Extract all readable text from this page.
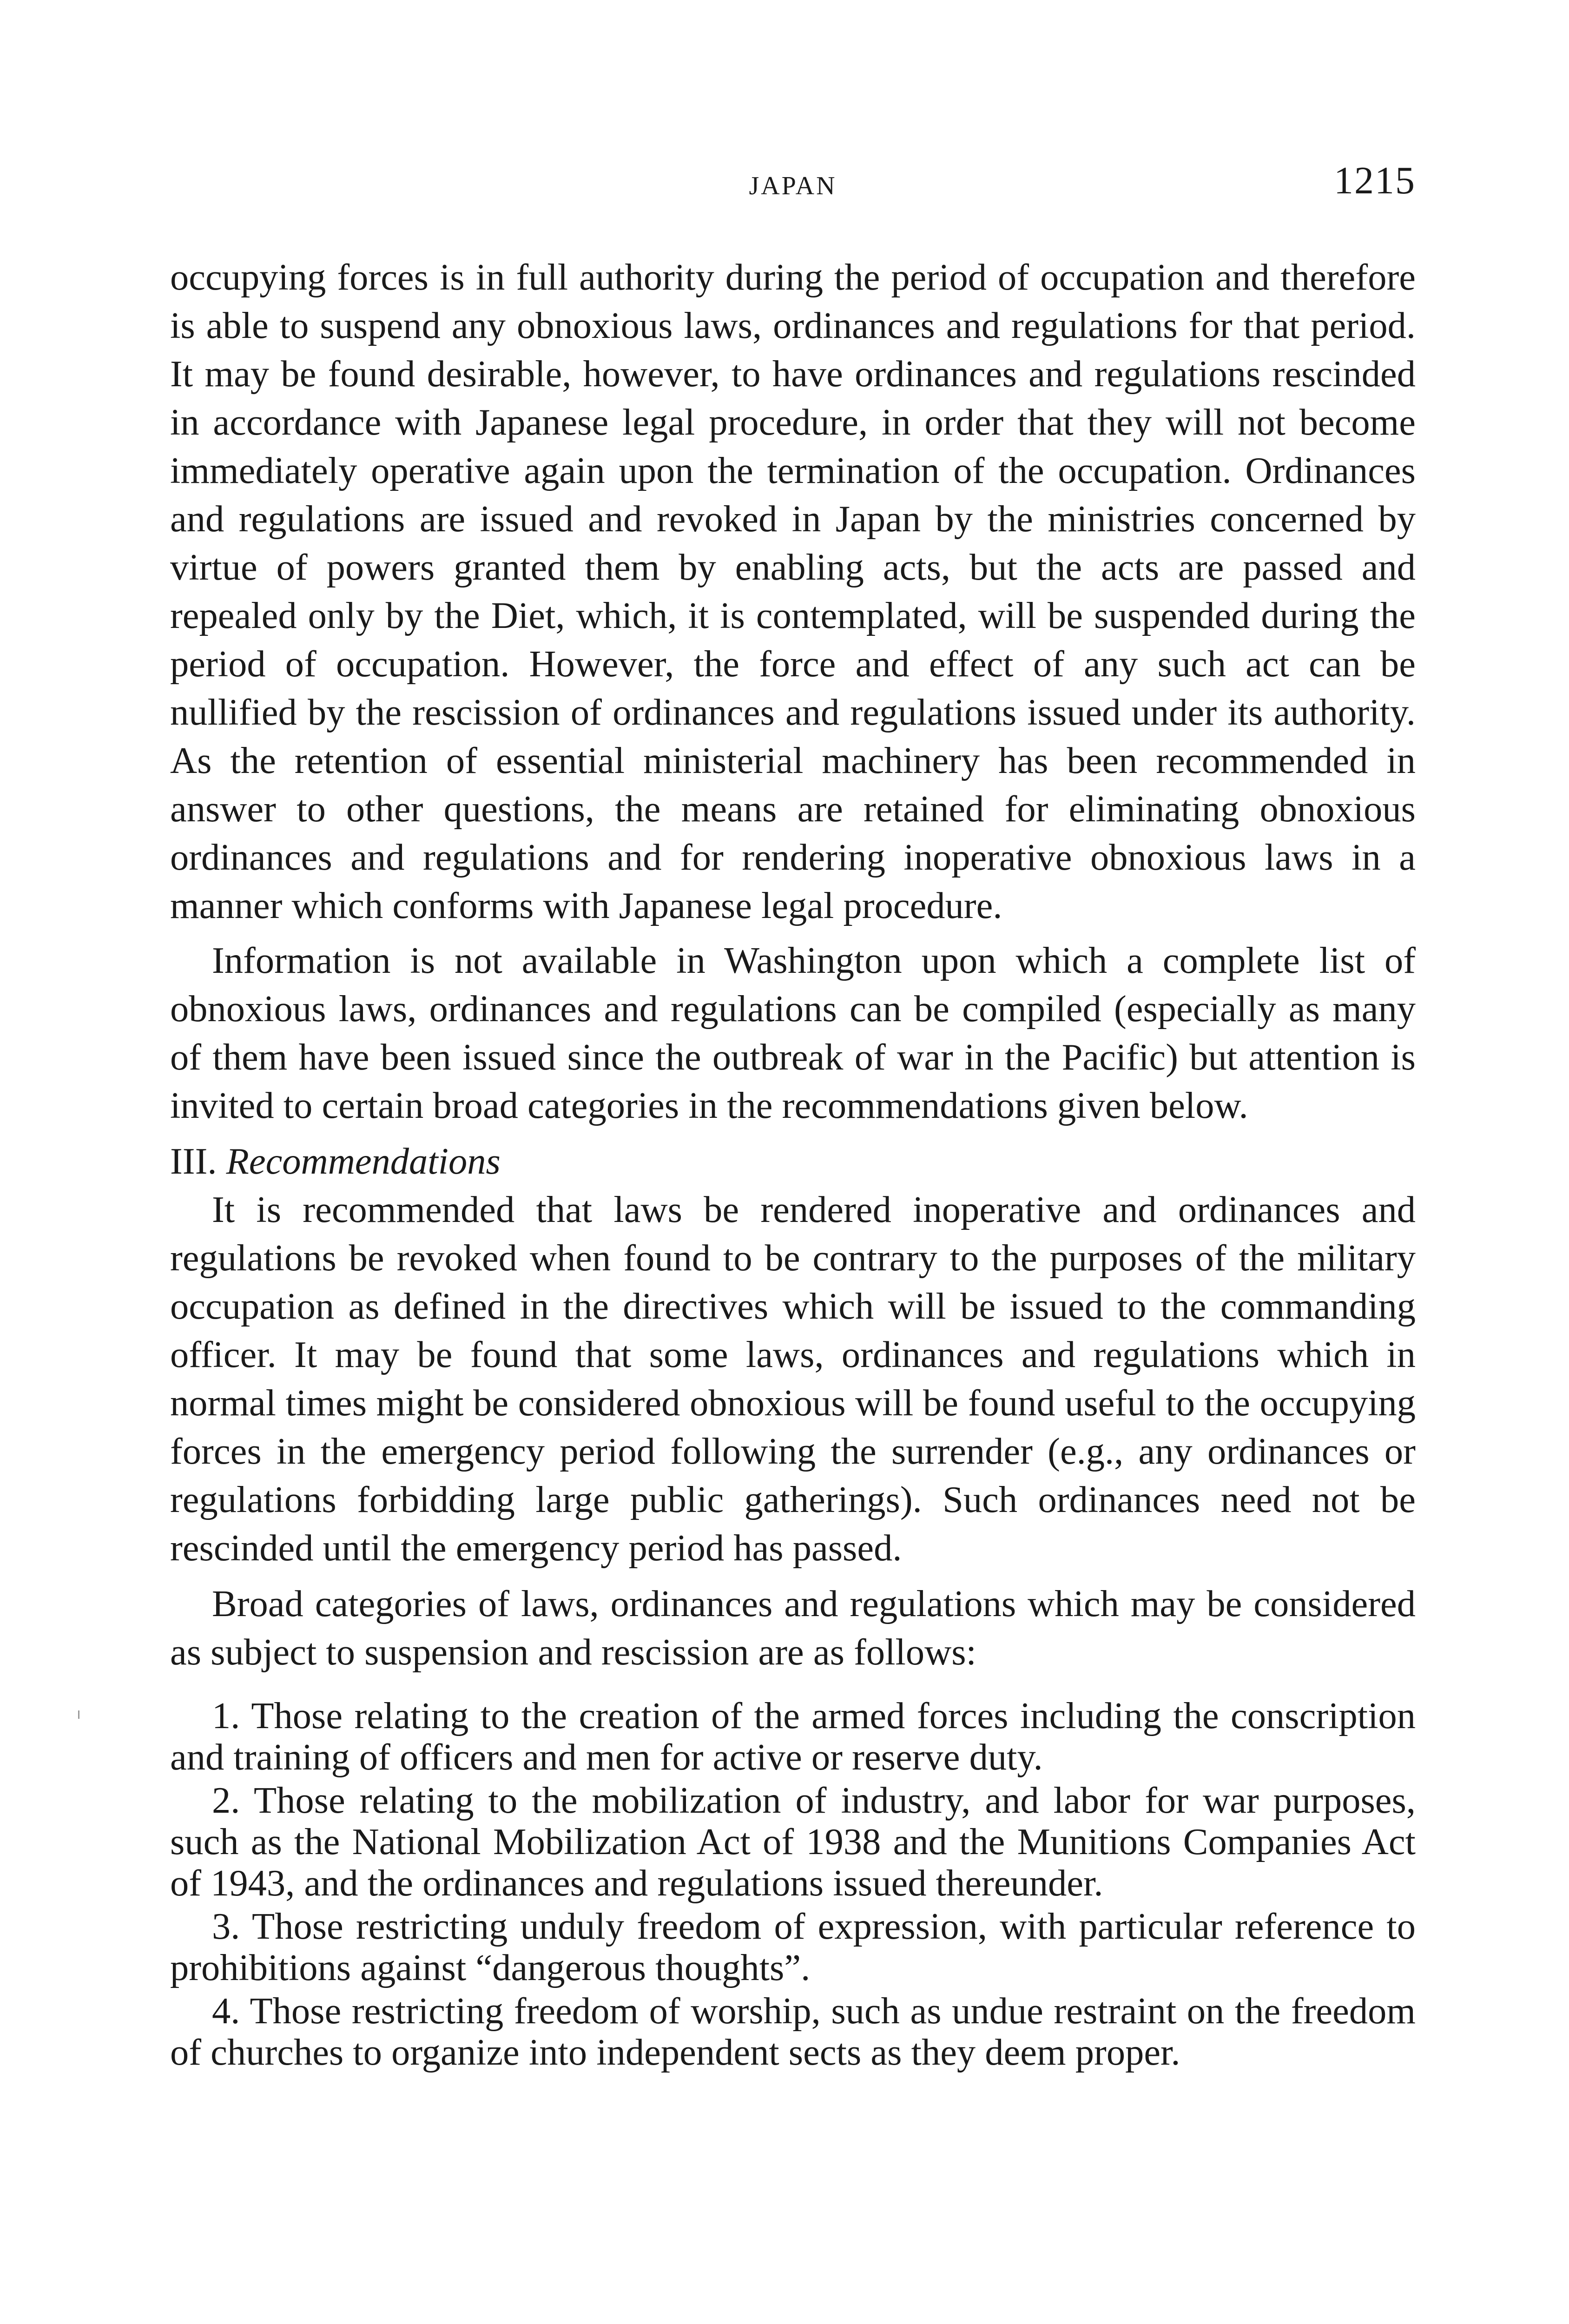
JAPAN	1215

occupying forces is in full authority during the period of occupation and therefore is able to suspend any obnoxious laws, ordinances and regulations for that period. It may be found desirable, however, to have ordinances and regulations rescinded in accordance with Japanese legal procedure, in order that they will not become immediately operative again upon the termination of the occupation. Ordinances and regulations are issued and revoked in Japan by the ministries concerned by virtue of powers granted them by enabling acts, but the acts are passed and repealed only by the Diet, which, it is contemplated, will be suspended during the period of occupation. However, the force and effect of any such act can be nullified by the rescission of ordinances and regulations issued under its authority. As the retention of essential ministerial machinery has been recommended in answer to other questions, the means are retained for eliminating obnoxious ordinances and regulations and for rendering inoperative obnoxious laws in a manner which conforms with Japanese legal procedure.

Information is not available in Washington upon which a complete list of obnoxious laws, ordinances and regulations can be compiled (especially as many of them have been issued since the outbreak of war in the Pacific) but attention is invited to certain broad categories in the recommendations given below.

III. Recommendations

It is recommended that laws be rendered inoperative and ordinances and regulations be revoked when found to be contrary to the purposes of the military occupation as defined in the directives which will be issued to the commanding officer. It may be found that some laws, ordinances and regulations which in normal times might be considered obnoxious will be found useful to the occupying forces in the emergency period following the surrender (e.g., any ordinances or regulations forbidding large public gatherings). Such ordinances need not be rescinded until the emergency period has passed.

Broad categories of laws, ordinances and regulations which may be considered as subject to suspension and rescission are as follows:

1. Those relating to the creation of the armed forces including the conscription and training of officers and men for active or reserve duty.

2. Those relating to the mobilization of industry, and labor for war purposes, such as the National Mobilization Act of 1938 and the Munitions Companies Act of 1943, and the ordinances and regulations issued thereunder.

3. Those restricting unduly freedom of expression, with particular reference to prohibitions against “dangerous thoughts”.

4. Those restricting freedom of worship, such as undue restraint on the freedom of churches to organize into independent sects as they deem proper.
